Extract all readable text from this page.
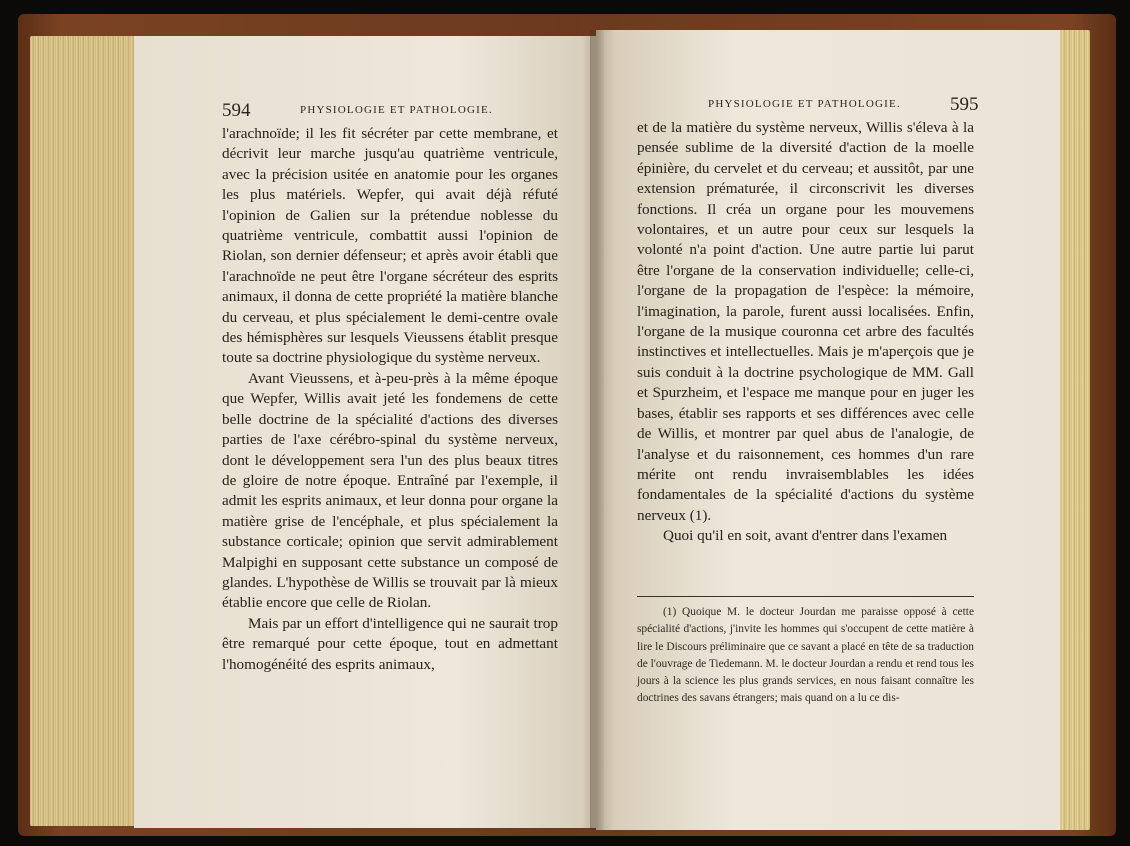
594	PHYSIOLOGIE ET PATHOLOGIE.

l'arachnoïde; il les fit sécréter par cette membrane, et décrivit leur marche jusqu'au quatrième ventricule, avec la précision usitée en anatomie pour les organes les plus matériels. Wepfer, qui avait déjà réfuté l'opinion de Galien sur la prétendue noblesse du quatrième ventricule, combattit aussi l'opinion de Riolan, son dernier défenseur; et après avoir établi que l'arachnoïde ne peut être l'organe sécréteur des esprits animaux, il donna de cette propriété la matière blanche du cerveau, et plus spécialement le demi-centre ovale des hémisphères sur lesquels Vieussens établit presque toute sa doctrine physiologique du système nerveux.

Avant Vieussens, et à-peu-près à la même époque que Wepfer, Willis avait jeté les fondemens de cette belle doctrine de la spécialité d'actions des diverses parties de l'axe cérébro-spinal du système nerveux, dont le développement sera l'un des plus beaux titres de gloire de notre époque. Entraîné par l'exemple, il admit les esprits animaux, et leur donna pour organe la matière grise de l'encéphale, et plus spécialement la substance corticale; opinion que servit admirablement Malpighi en supposant cette substance un composé de glandes. L'hypothèse de Willis se trouvait par là mieux établie encore que celle de Riolan.

Mais par un effort d'intelligence qui ne saurait trop être remarqué pour cette époque, tout en admettant l'homogénéité des esprits animaux,

PHYSIOLOGIE ET PATHOLOGIE.	595

et de la matière du système nerveux, Willis s'éleva à la pensée sublime de la diversité d'action de la moelle épinière, du cervelet et du cerveau; et aussitôt, par une extension prématurée, il circonscrivit les diverses fonctions. Il créa un organe pour les mouvemens volontaires, et un autre pour ceux sur lesquels la volonté n'a point d'action. Une autre partie lui parut être l'organe de la conservation individuelle; celle-ci, l'organe de la propagation de l'espèce: la mémoire, l'imagination, la parole, furent aussi localisées. Enfin, l'organe de la musique couronna cet arbre des facultés instinctives et intellectuelles. Mais je m'aperçois que je suis conduit à la doctrine psychologique de MM. Gall et Spurzheim, et l'espace me manque pour en juger les bases, établir ses rapports et ses différences avec celle de Willis, et montrer par quel abus de l'analogie, de l'analyse et du raisonnement, ces hommes d'un rare mérite ont rendu invraisemblables les idées fondamentales de la spécialité d'actions du système nerveux (1).

Quoi qu'il en soit, avant d'entrer dans l'examen

(1) Quoique M. le docteur Jourdan me paraisse opposé à cette spécialité d'actions, j'invite les hommes qui s'occupent de cette matière à lire le Discours préliminaire que ce savant a placé en tête de sa traduction de l'ouvrage de Tiedemann. M. le docteur Jourdan a rendu et rend tous les jours à la science les plus grands services, en nous faisant connaître les doctrines des savans étrangers; mais quand on a lu ce dis-
